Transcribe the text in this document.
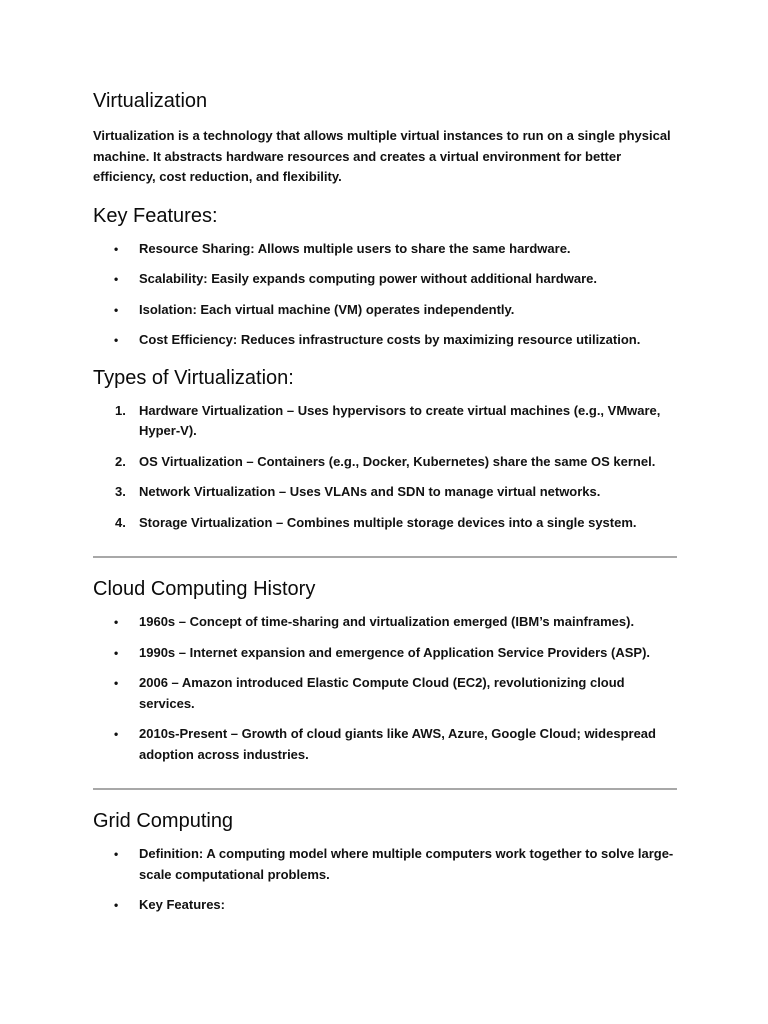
Virtualization

Virtualization is a technology that allows multiple virtual instances to run on a single physical machine. It abstracts hardware resources and creates a virtual environment for better efficiency, cost reduction, and flexibility.

Key Features:
• Resource Sharing: Allows multiple users to share the same hardware.
• Scalability: Easily expands computing power without additional hardware.
• Isolation: Each virtual machine (VM) operates independently.
• Cost Efficiency: Reduces infrastructure costs by maximizing resource utilization.
Types of Virtualization:
1. Hardware Virtualization – Uses hypervisors to create virtual machines (e.g., VMware, Hyper-V).
2. OS Virtualization – Containers (e.g., Docker, Kubernetes) share the same OS kernel.
3. Network Virtualization – Uses VLANs and SDN to manage virtual networks.
4. Storage Virtualization – Combines multiple storage devices into a single system.
Cloud Computing History
• 1960s – Concept of time-sharing and virtualization emerged (IBM’s mainframes).
• 1990s – Internet expansion and emergence of Application Service Providers (ASP).
• 2006 – Amazon introduced Elastic Compute Cloud (EC2), revolutionizing cloud services.
• 2010s-Present – Growth of cloud giants like AWS, Azure, Google Cloud; widespread adoption across industries.
Grid Computing
• Definition: A computing model where multiple computers work together to solve large-scale computational problems.
• Key Features:
